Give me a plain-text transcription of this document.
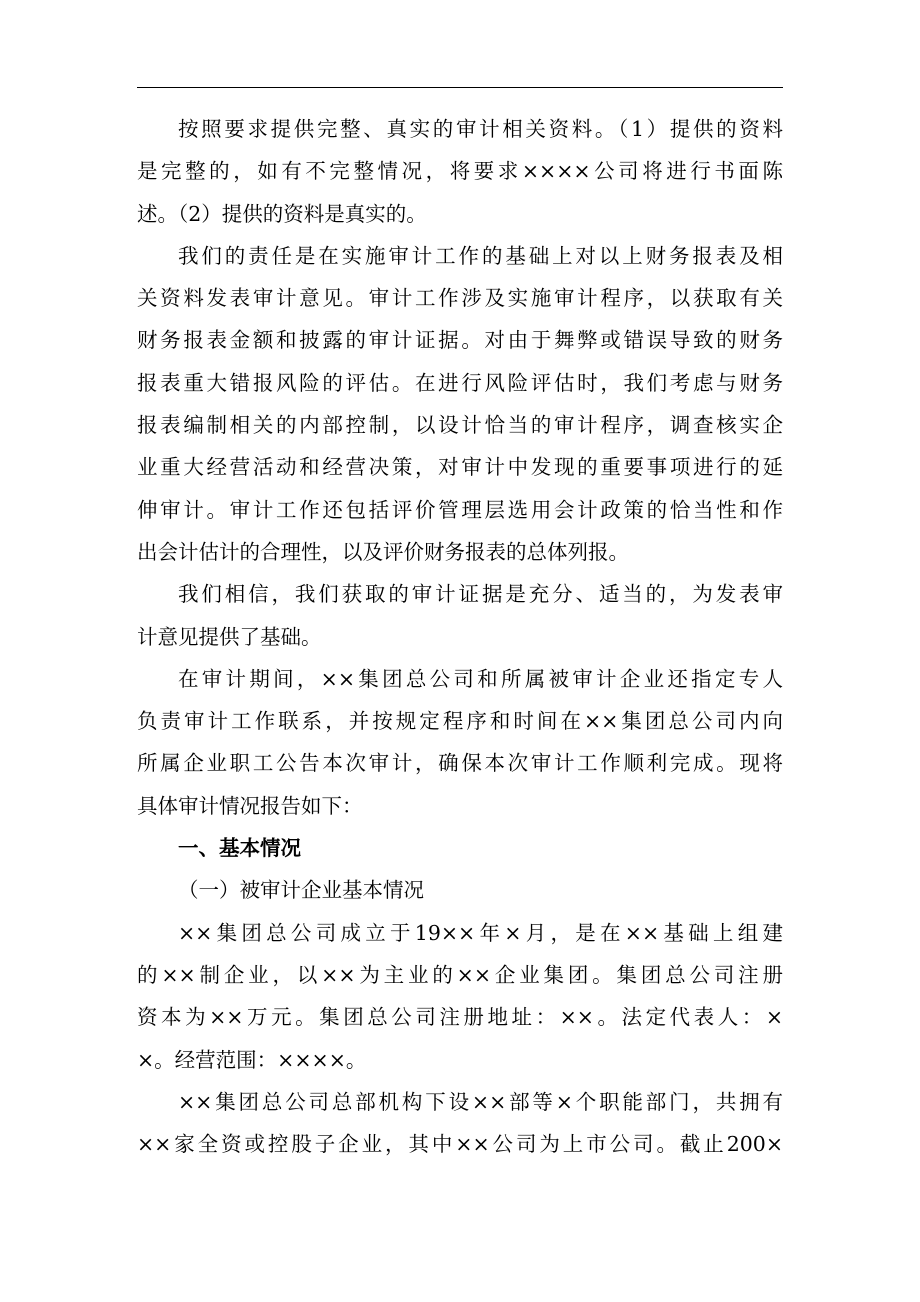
按照要求提供完整、真实的审计相关资料。（1）提供的资料
是完整的，如有不完整情况，将要求××××公司将进行书面陈
述。（2）提供的资料是真实的。
我们的责任是在实施审计工作的基础上对以上财务报表及相
关资料发表审计意见。审计工作涉及实施审计程序，以获取有关
财务报表金额和披露的审计证据。对由于舞弊或错误导致的财务
报表重大错报风险的评估。在进行风险评估时，我们考虑与财务
报表编制相关的内部控制，以设计恰当的审计程序，调查核实企
业重大经营活动和经营决策，对审计中发现的重要事项进行的延
伸审计。审计工作还包括评价管理层选用会计政策的恰当性和作
出会计估计的合理性，以及评价财务报表的总体列报。
我们相信，我们获取的审计证据是充分、适当的，为发表审
计意见提供了基础。
在审计期间，××集团总公司和所属被审计企业还指定专人
负责审计工作联系，并按规定程序和时间在××集团总公司内向
所属企业职工公告本次审计，确保本次审计工作顺利完成。现将
具体审计情况报告如下：
一、基本情况
（一）被审计企业基本情况
××集团总公司成立于19××年×月，是在××基础上组建
的××制企业，以××为主业的××企业集团。集团总公司注册
资本为××万元。集团总公司注册地址：××。法定代表人：×
×。经营范围：××××。
××集团总公司总部机构下设××部等×个职能部门，共拥有
××家全资或控股子企业，其中××公司为上市公司。截止200×
